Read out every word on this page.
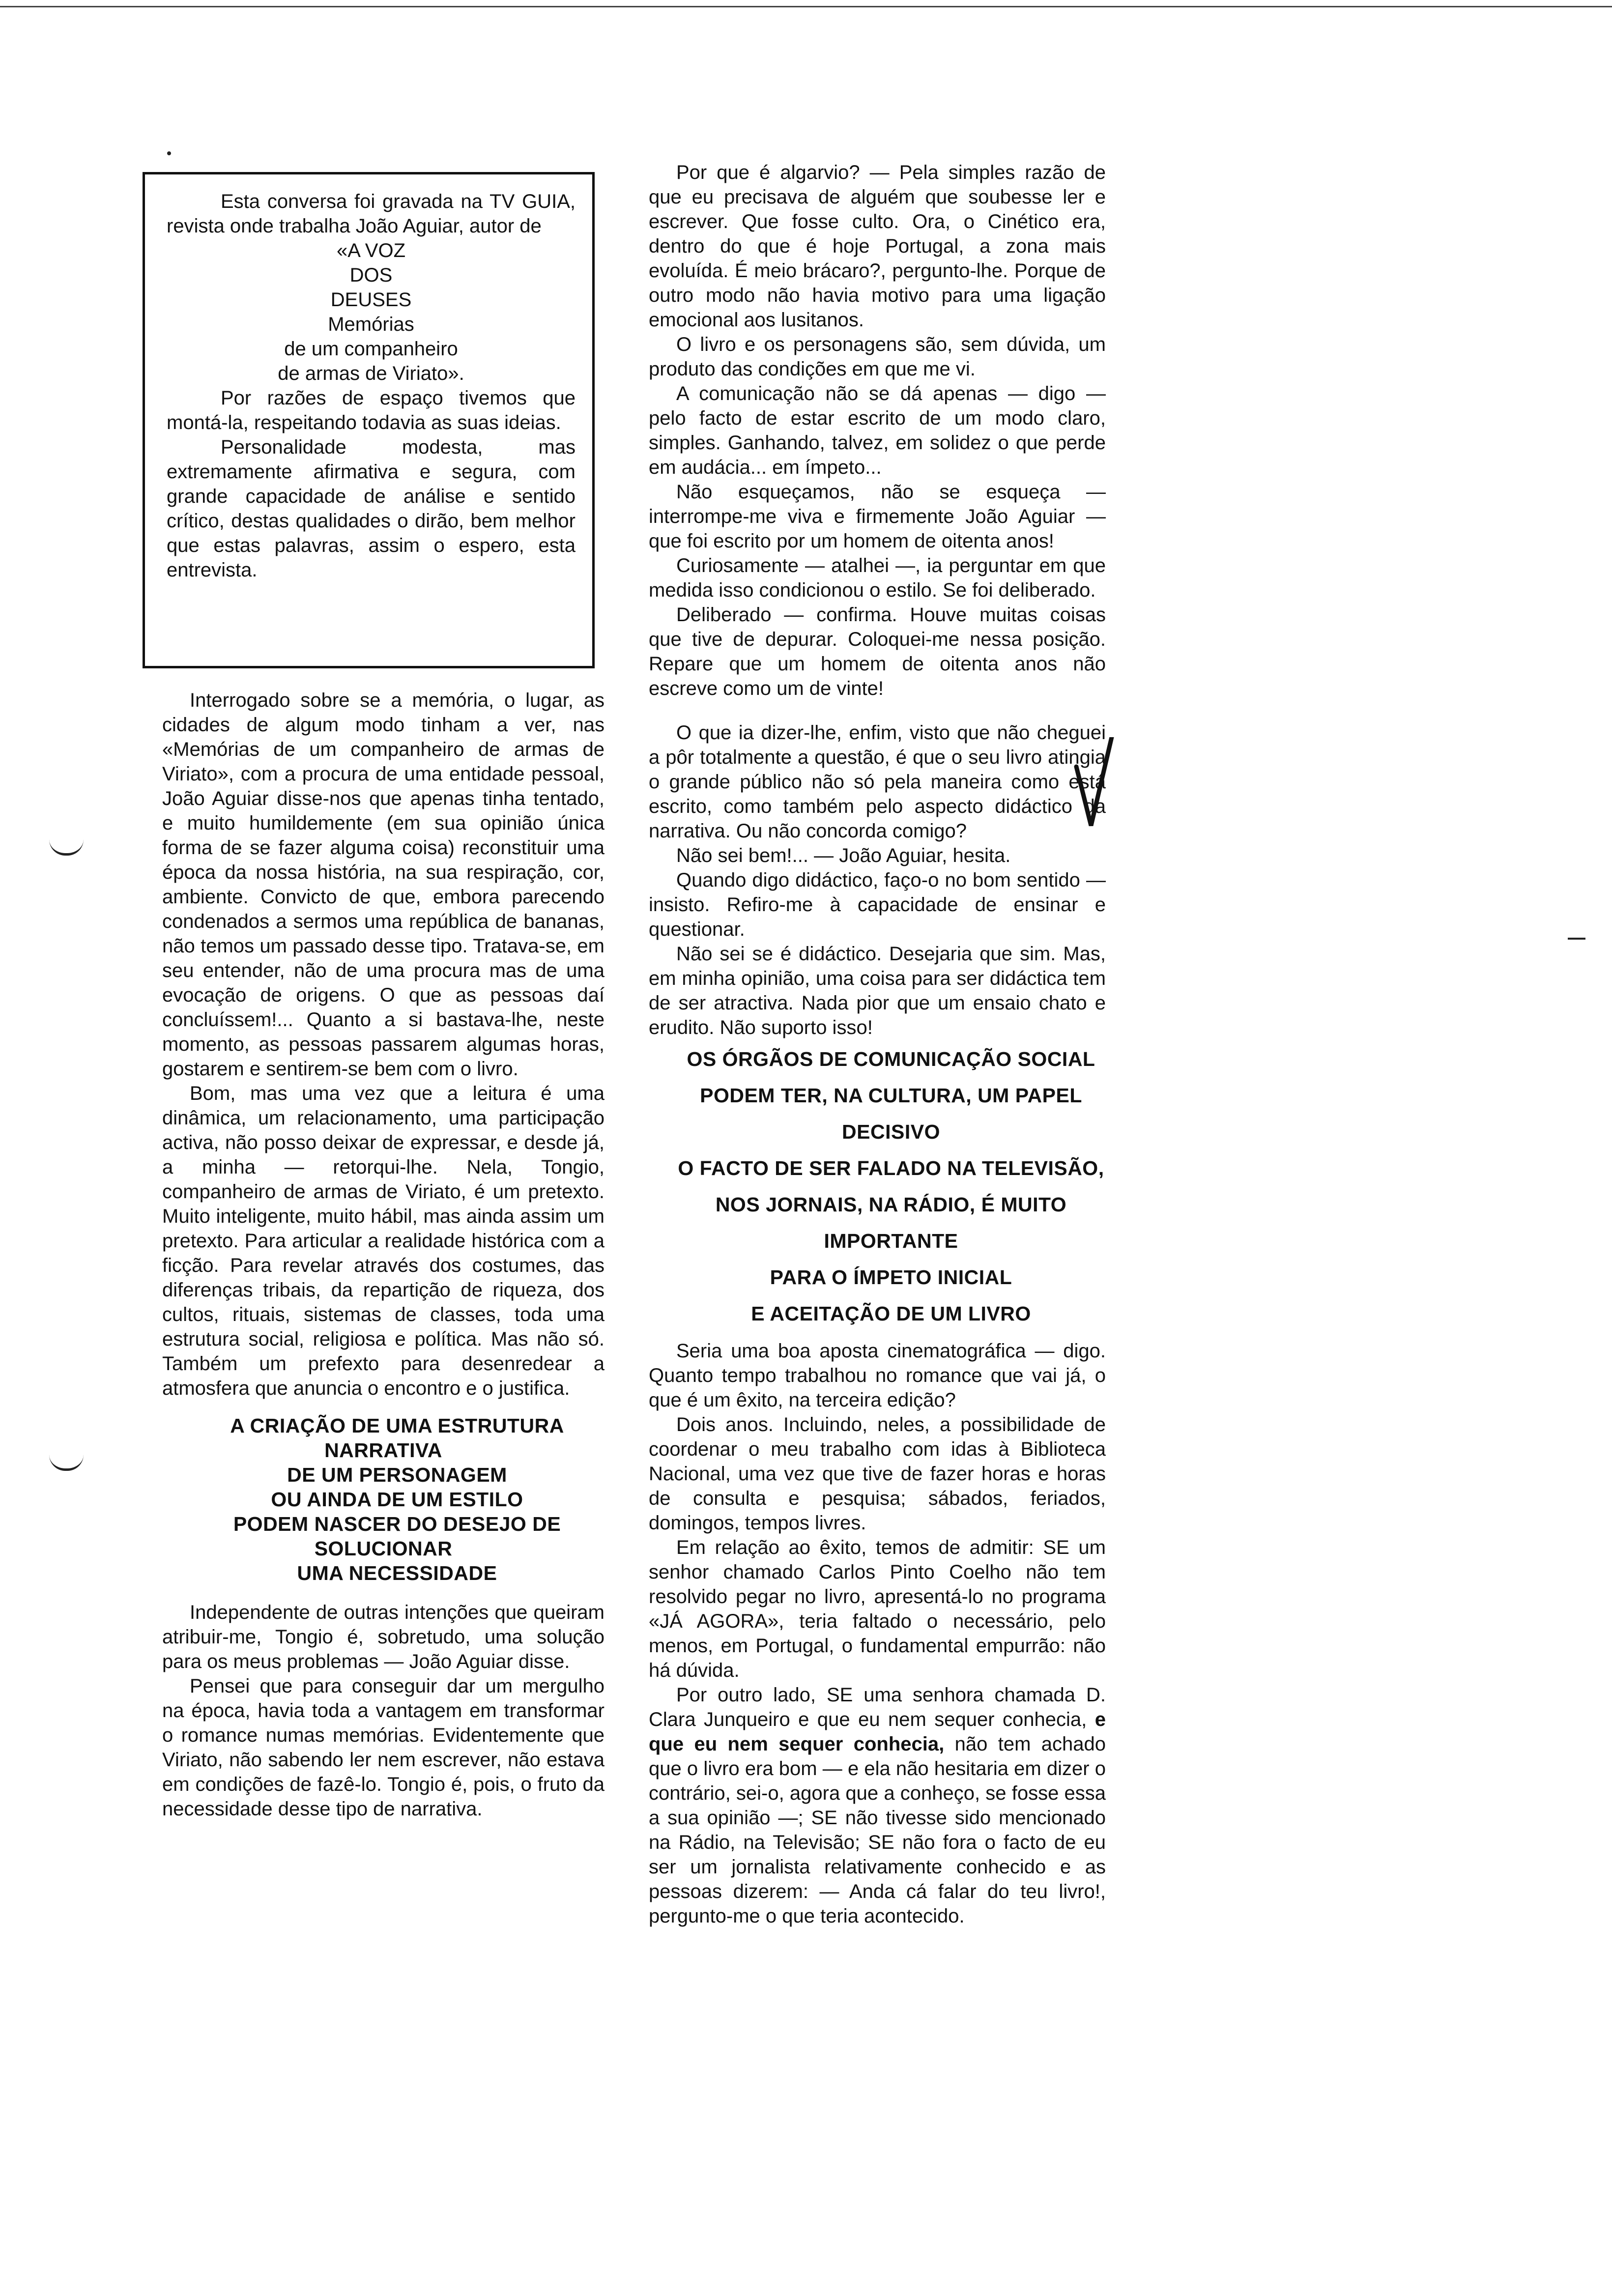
Esta conversa foi gravada na TV GUIA, revista onde trabalha João Aguiar, autor de

«A VOZ
DOS
DEUSES
Memórias
de um companheiro
de armas de Viriato».

Por razões de espaço tivemos que montá-la, respeitando todavia as suas ideias.

Personalidade modesta, mas extremamente afirmativa e segura, com grande capacidade de análise e sentido crítico, destas qualidades o dirão, bem melhor que estas palavras, assim o espero, esta entrevista.

Interrogado sobre se a memória, o lugar, as cidades de algum modo tinham a ver, nas «Memórias de um companheiro de armas de Viriato», com a procura de uma entidade pessoal, João Aguiar disse-nos que apenas tinha tentado, e muito humildemente (em sua opinião única forma de se fazer alguma coisa) reconstituir uma época da nossa história, na sua respiração, cor, ambiente. Convicto de que, embora parecendo condenados a sermos uma república de bananas, não temos um passado desse tipo. Tratava-se, em seu entender, não de uma procura mas de uma evocação de origens. O que as pessoas daí concluíssem!... Quanto a si bastava-lhe, neste momento, as pessoas passarem algumas horas, gostarem e sentirem-se bem com o livro.

Bom, mas uma vez que a leitura é uma dinâmica, um relacionamento, uma participação activa, não posso deixar de expressar, e desde já, a minha — retorqui-lhe. Nela, Tongio, companheiro de armas de Viriato, é um pretexto. Muito inteligente, muito hábil, mas ainda assim um pretexto. Para articular a realidade histórica com a ficção. Para revelar através dos costumes, das diferenças tribais, da repartição de riqueza, dos cultos, rituais, sistemas de classes, toda uma estrutura social, religiosa e política. Mas não só. Também um prefexto para desenredear a atmosfera que anuncia o encontro e o justifica.

A CRIAÇÃO DE UMA ESTRUTURA NARRATIVA

DE UM PERSONAGEM

OU AINDA DE UM ESTILO

PODEM NASCER DO DESEJO DE SOLUCIONAR

UMA NECESSIDADE

Independente de outras intenções que queiram atribuir-me, Tongio é, sobretudo, uma solução para os meus problemas — João Aguiar disse.

Pensei que para conseguir dar um mergulho na época, havia toda a vantagem em transformar o romance numas memórias. Evidentemente que Viriato, não sabendo ler nem escrever, não estava em condições de fazê-lo. Tongio é, pois, o fruto da necessidade desse tipo de narrativa.

Por que é algarvio? — Pela simples razão de que eu precisava de alguém que soubesse ler e escrever. Que fosse culto. Ora, o Cinético era, dentro do que é hoje Portugal, a zona mais evoluída. É meio brácaro?, pergunto-lhe. Porque de outro modo não havia motivo para uma ligação emocional aos lusitanos.

O livro e os personagens são, sem dúvida, um produto das condições em que me vi.

A comunicação não se dá apenas — digo — pelo facto de estar escrito de um modo claro, simples. Ganhando, talvez, em solidez o que perde em audácia... em ímpeto...

Não esqueçamos, não se esqueça — interrompe-me viva e firmemente João Aguiar — que foi escrito por um homem de oitenta anos!

Curiosamente — atalhei —, ia perguntar em que medida isso condicionou o estilo. Se foi deliberado.

Deliberado — confirma. Houve muitas coisas que tive de depurar. Coloquei-me nessa posição. Repare que um homem de oitenta anos não escreve como um de vinte!

O que ia dizer-lhe, enfim, visto que não cheguei a pôr totalmente a questão, é que o seu livro atingia o grande público não só pela maneira como está escrito, como também pelo aspecto didáctico da narrativa. Ou não concorda comigo?

Não sei bem!... — João Aguiar, hesita.

Quando digo didáctico, faço-o no bom sentido — insisto. Refiro-me à capacidade de ensinar e questionar.

Não sei se é didáctico. Desejaria que sim. Mas, em minha opinião, uma coisa para ser didáctica tem de ser atractiva. Nada pior que um ensaio chato e erudito. Não suporto isso!

OS ÓRGÃOS DE COMUNICAÇÃO SOCIAL

PODEM TER, NA CULTURA, UM PAPEL

DECISIVO

O FACTO DE SER FALADO NA TELEVISÃO,

NOS JORNAIS, NA RÁDIO, É MUITO

IMPORTANTE

PARA O ÍMPETO INICIAL

E ACEITAÇÃO DE UM LIVRO

Seria uma boa aposta cinematográfica — digo. Quanto tempo trabalhou no romance que vai já, o que é um êxito, na terceira edição?

Dois anos. Incluindo, neles, a possibilidade de coordenar o meu trabalho com idas à Biblioteca Nacional, uma vez que tive de fazer horas e horas de consulta e pesquisa; sábados, feriados, domingos, tempos livres.

Em relação ao êxito, temos de admitir: SE um senhor chamado Carlos Pinto Coelho não tem resolvido pegar no livro, apresentá-lo no programa «JÁ AGORA», teria faltado o necessário, pelo menos, em Portugal, o fundamental empurrão: não há dúvida.

Por outro lado, SE uma senhora chamada D. Clara Junqueiro e que eu nem sequer conhecia, e que eu nem sequer conhecia, não tem achado que o livro era bom — e ela não hesitaria em dizer o contrário, sei-o, agora que a conheço, se fosse essa a sua opinião —; SE não tivesse sido mencionado na Rádio, na Televisão; SE não fora o facto de eu ser um jornalista relativamente conhecido e as pessoas dizerem: — Anda cá falar do teu livro!, pergunto-me o que teria acontecido.
